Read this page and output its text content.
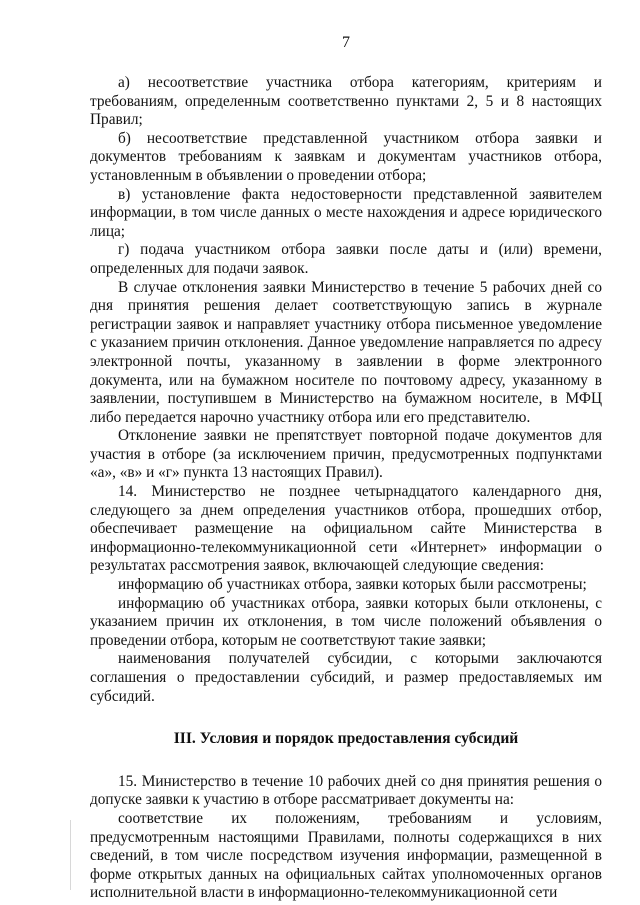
7

а) несоответствие участника отбора категориям, критериям и требованиям, определенным соответственно пунктами 2, 5 и 8 настоящих Правил;

б) несоответствие представленной участником отбора заявки и документов требованиям к заявкам и документам участников отбора, установленным в объявлении о проведении отбора;

в) установление факта недостоверности представленной заявителем информации, в том числе данных о месте нахождения и адресе юридического лица;

г) подача участником отбора заявки после даты и (или) времени, определенных для подачи заявок.

В случае отклонения заявки Министерство в течение 5 рабочих дней со дня принятия решения делает соответствующую запись в журнале регистрации заявок и направляет участнику отбора письменное уведомление с указанием причин отклонения. Данное уведомление направляется по адресу электронной почты, указанному в заявлении в форме электронного документа, или на бумажном носителе по почтовому адресу, указанному в заявлении, поступившем в Министерство на бумажном носителе, в МФЦ либо передается нарочно участнику отбора или его представителю.

Отклонение заявки не препятствует повторной подаче документов для участия в отборе (за исключением причин, предусмотренных подпунктами «а», «в» и «г» пункта 13 настоящих Правил).

14. Министерство не позднее четырнадцатого календарного дня, следующего за днем определения участников отбора, прошедших отбор, обеспечивает размещение на официальном сайте Министерства в информационно-телекоммуникационной сети «Интернет» информации о результатах рассмотрения заявок, включающей следующие сведения:

информацию об участниках отбора, заявки которых были рассмотрены;

информацию об участниках отбора, заявки которых были отклонены, с указанием причин их отклонения, в том числе положений объявления о проведении отбора, которым не соответствуют такие заявки;

наименования получателей субсидии, с которыми заключаются соглашения о предоставлении субсидий, и размер предоставляемых им субсидий.

III. Условия и порядок предоставления субсидий

15. Министерство в течение 10 рабочих дней со дня принятия решения о допуске заявки к участию в отборе рассматривает документы на:

соответствие их положениям, требованиям и условиям, предусмотренным настоящими Правилами, полноты содержащихся в них сведений, в том числе посредством изучения информации, размещенной в форме открытых данных на официальных сайтах уполномоченных органов исполнительной власти в информационно-телекоммуникационной сети
